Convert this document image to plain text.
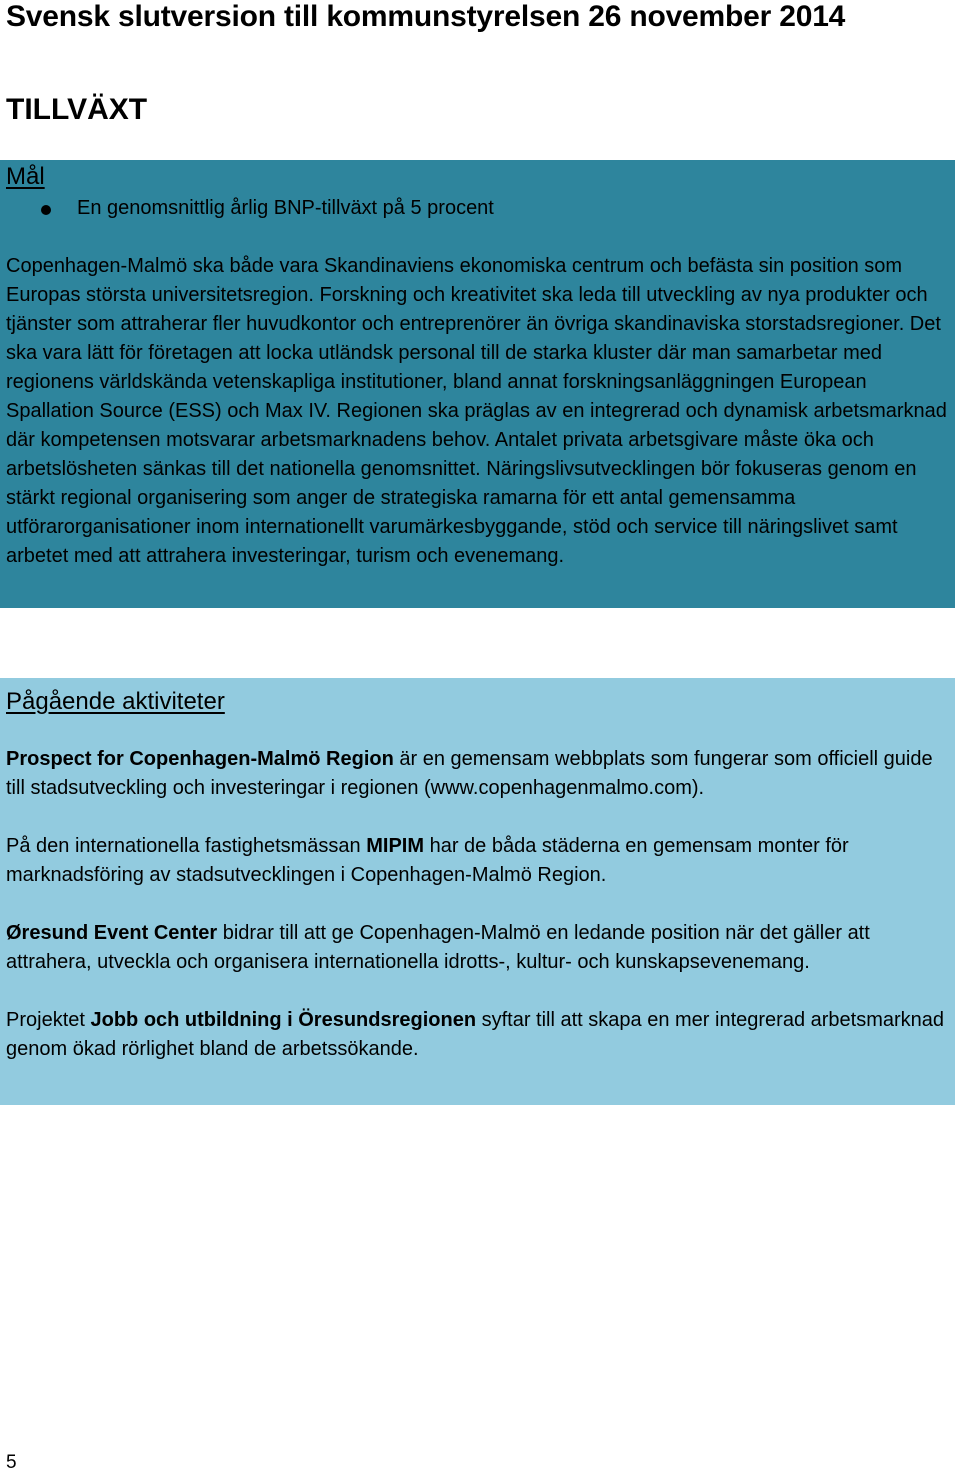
Svensk slutversion till kommunstyrelsen 26 november 2014
TILLVÄXT
Mål
En genomsnittlig årlig BNP-tillväxt på 5 procent

Copenhagen-Malmö ska både vara Skandinaviens ekonomiska centrum och befästa sin position som Europas största universitetsregion. Forskning och kreativitet ska leda till utveckling av nya produkter och tjänster som attraherar fler huvudkontor och entreprenörer än övriga skandinaviska storstadsregioner. Det ska vara lätt för företagen att locka utländsk personal till de starka kluster där man samarbetar med regionens världskända vetenskapliga institutioner, bland annat forskningsanläggningen European Spallation Source (ESS) och Max IV. Regionen ska präglas av en integrerad och dynamisk arbetsmarknad där kompetensen motsvarar arbetsmarknadens behov. Antalet privata arbetsgivare måste öka och arbetslösheten sänkas till det nationella genomsnittet. Näringslivsutvecklingen bör fokuseras genom en stärkt regional organisering som anger de strategiska ramarna för ett antal gemensamma utförarorganisationer inom internationellt varumärkesbyggande, stöd och service till näringslivet samt arbetet med att attrahera investeringar, turism och evenemang.

Pågående aktiviteter

Prospect for Copenhagen-Malmö Region är en gemensam webbplats som fungerar som officiell guide till stadsutveckling och investeringar i regionen (www.copenhagenmalmo.com).

På den internationella fastighetsmässan MIPIM har de båda städerna en gemensam monter för marknadsföring av stadsutvecklingen i Copenhagen-Malmö Region.

Øresund Event Center bidrar till att ge Copenhagen-Malmö en ledande position när det gäller att attrahera, utveckla och organisera internationella idrotts-, kultur- och kunskapsevenemang.

Projektet Jobb och utbildning i Öresundsregionen syftar till att skapa en mer integrerad arbetsmarknad genom ökad rörlighet bland de arbetssökande.

5
